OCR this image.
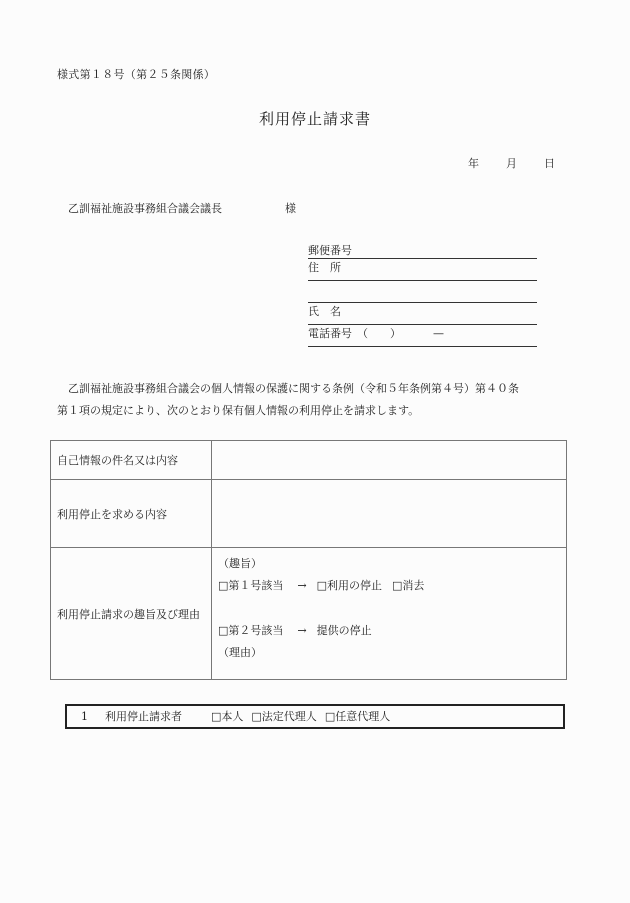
様式第１８号（第２５条関係）
利用停止請求書
年 月 日
乙訓福祉施設事務組合議会議長	様
郵便番号
住　所
氏　名
電話番号 （　　）	—
乙訓福祉施設事務組合議会の個人情報の保護に関する条例（令和５年条例第４号）第４０条
第１項の規定により、次のとおり保有個人情報の利用停止を請求します。
自己情報の件名又は内容	
利用停止を求める内容	
利用停止請求の趣旨及び理由	（趣旨）
□第１号該当 → □利用の停止 □消去
□第２号該当 → 提供の停止
（理由）
1 利用停止請求者	□本人 □法定代理人 □任意代理人
